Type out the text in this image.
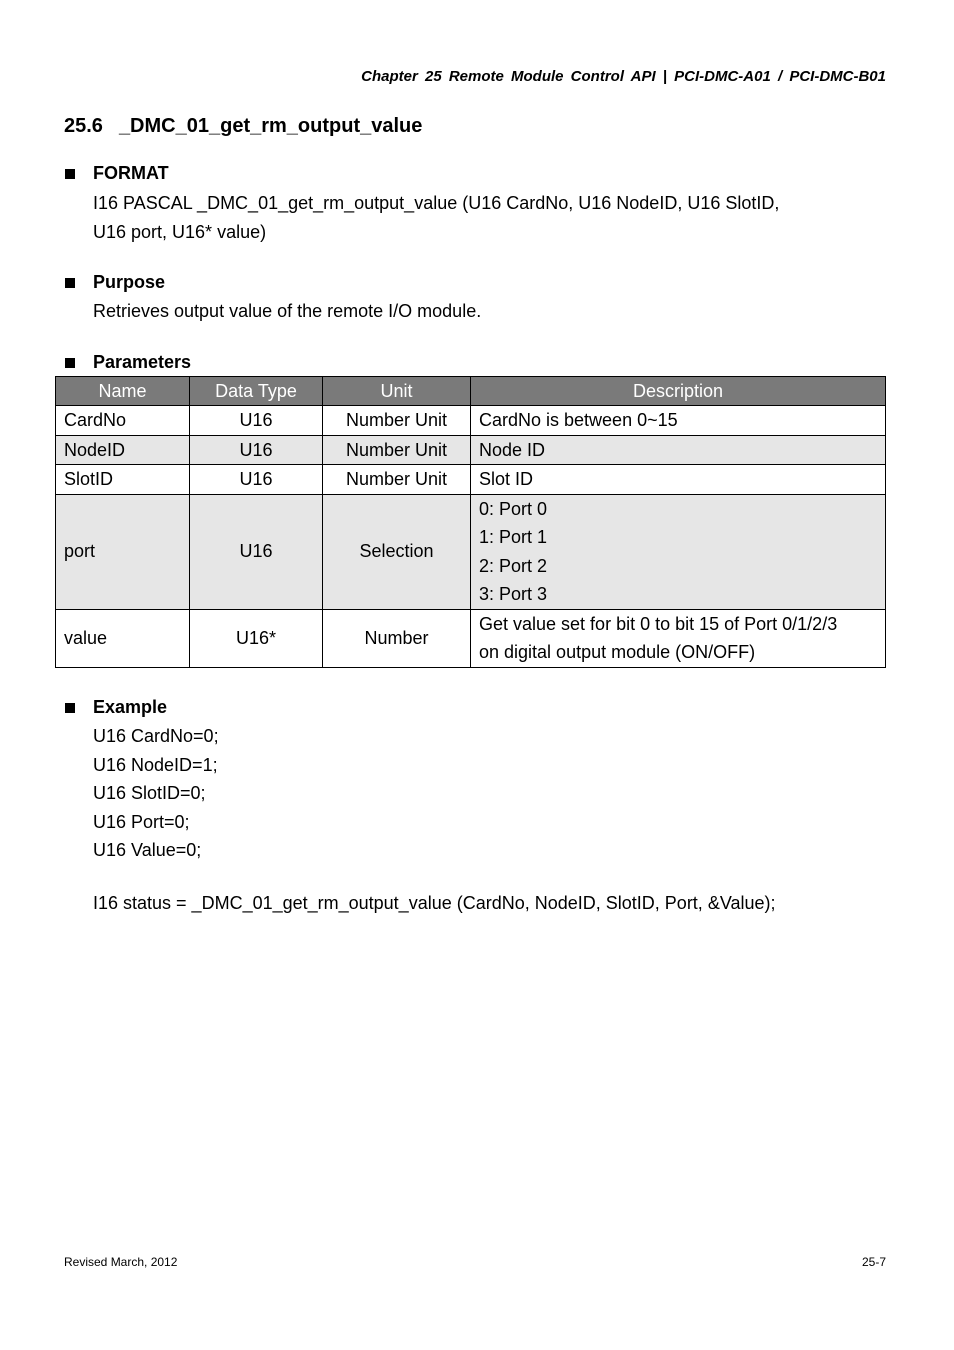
Chapter 25 Remote Module Control API | PCI-DMC-A01 / PCI-DMC-B01
25.6 _DMC_01_get_rm_output_value
FORMAT
I16 PASCAL _DMC_01_get_rm_output_value (U16 CardNo, U16 NodeID, U16 SlotID,
U16 port, U16* value)
Purpose
Retrieves output value of the remote I/O module.
Parameters
Name	Data Type	Unit	Description
CardNo	U16	Number Unit	CardNo is between 0~15

NodeID	U16	Number Unit	Node ID

SlotID	U16	Number Unit	Slot ID

port	U16	Selection	0: Port 0
1: Port 1
2: Port 2
3: Port 3

value	U16*	Number	Get value set for bit 0 to bit 15 of Port 0/1/2/3
on digital output module (ON/OFF)
Example
U16 CardNo=0;
U16 NodeID=1;
U16 SlotID=0;
U16 Port=0;
U16 Value=0;
I16 status = _DMC_01_get_rm_output_value (CardNo, NodeID, SlotID, Port, &Value);
Revised March, 2012	25-7
